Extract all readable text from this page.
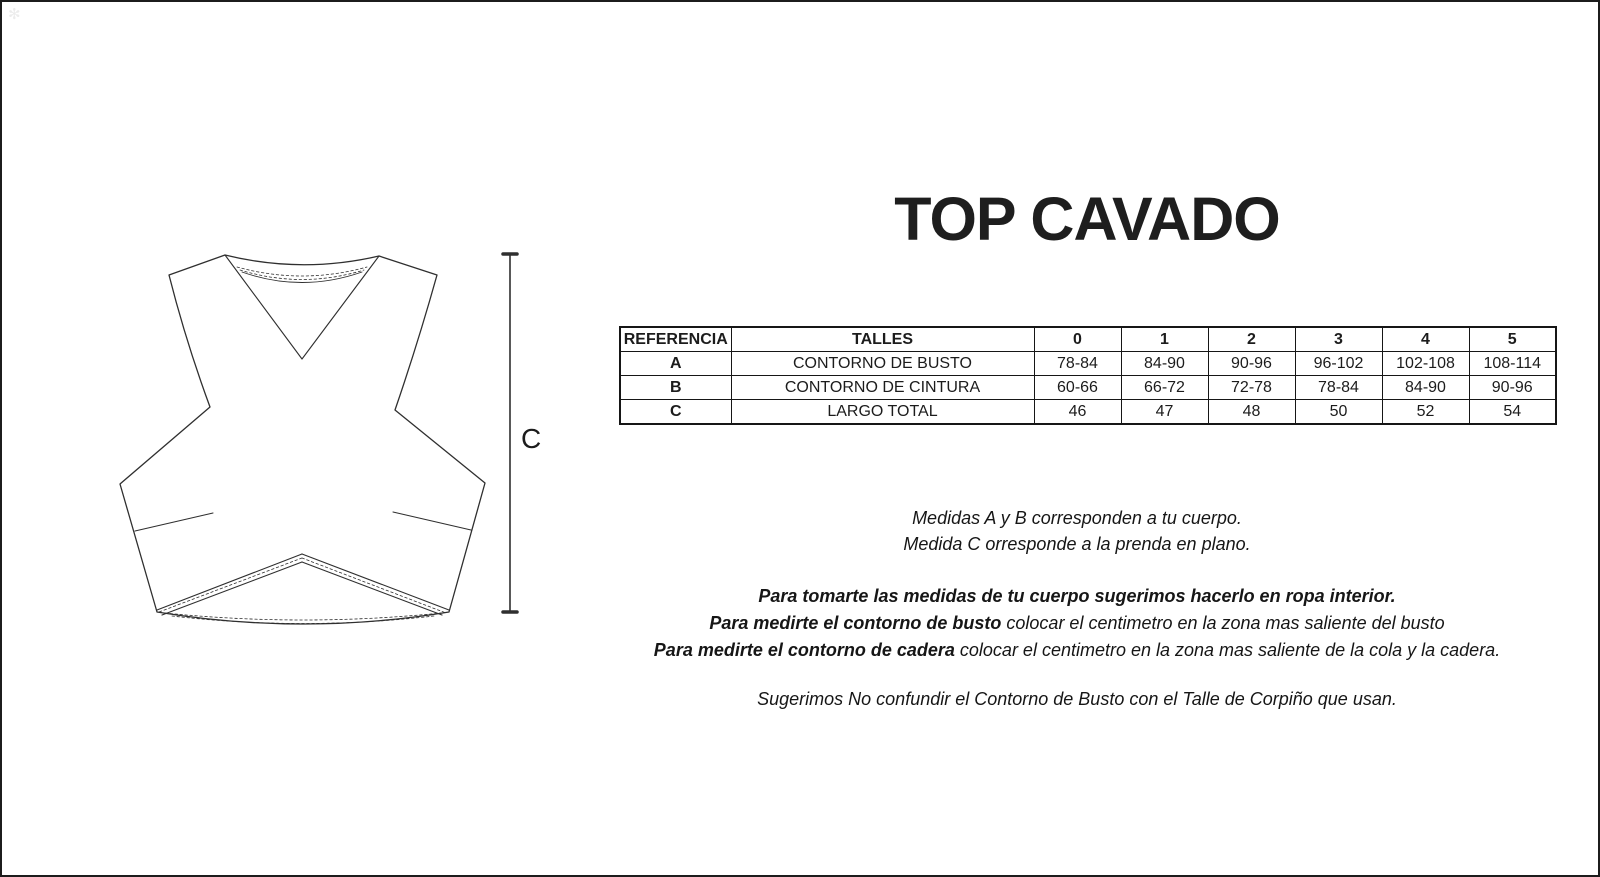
✻
C
TOP CAVADO
REFERENCIA	TALLES	0	1	2	3	4	5
A	CONTORNO DE BUSTO	78-84	84-90	90-96	96-102	102-108	108-114
B	CONTORNO DE CINTURA	60-66	66-72	72-78	78-84	84-90	90-96
C	LARGO TOTAL	46	47	48	50	52	54
Medidas A y B corresponden a tu cuerpo.
Medida C orresponde a la prenda en plano.
Para tomarte las medidas de tu cuerpo sugerimos hacerlo en ropa interior.
Para medirte el contorno de busto colocar el centimetro en la zona mas saliente del busto
Para medirte el contorno de cadera colocar el centimetro en la zona mas saliente de la cola y la cadera.
Sugerimos No confundir el Contorno de Busto con el Talle de Corpiño que usan.
